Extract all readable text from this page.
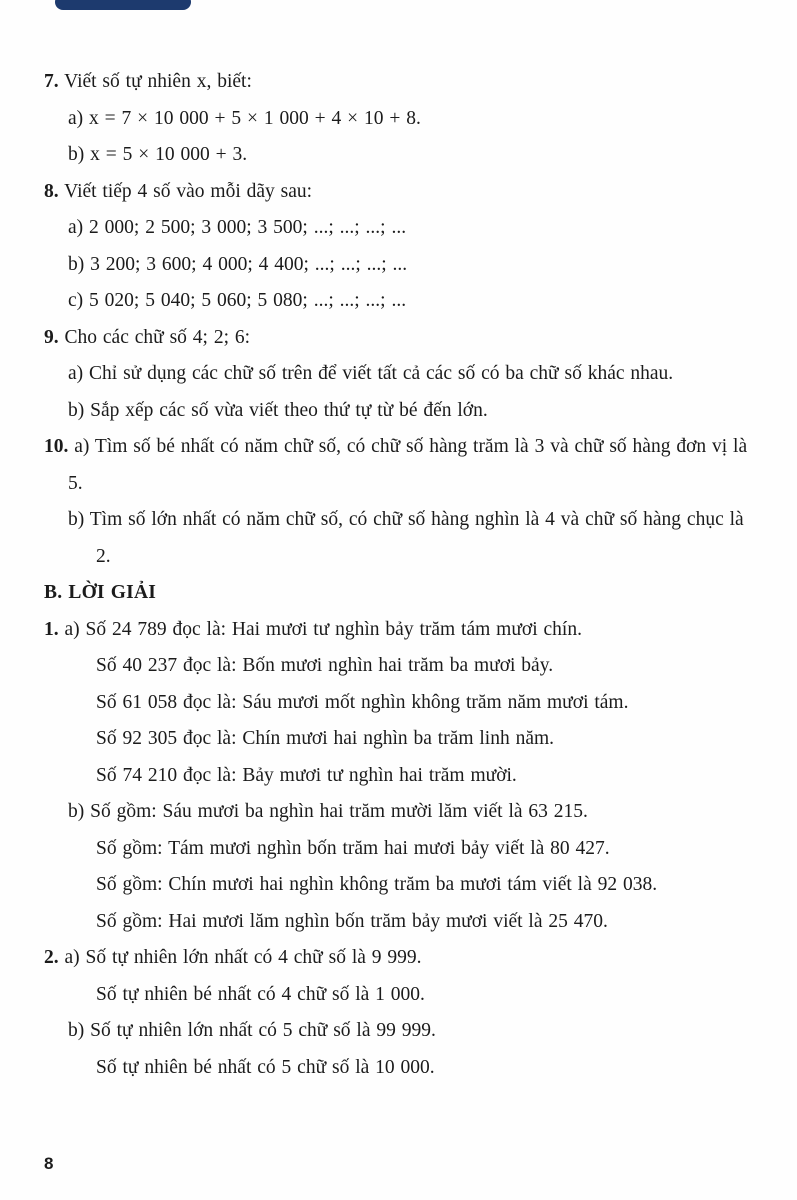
7. Viết số tự nhiên x, biết:

a) x = 7 × 10 000 + 5 × 1 000 + 4 × 10 + 8.

b) x = 5 × 10 000 + 3.

8. Viết tiếp 4 số vào mỗi dãy sau:

a) 2 000; 2 500; 3 000; 3 500; ...; ...; ...; ...

b) 3 200; 3 600; 4 000; 4 400; ...; ...; ...; ...

c) 5 020; 5 040; 5 060; 5 080; ...; ...; ...; ...

9. Cho các chữ số 4; 2; 6:

a) Chỉ sử dụng các chữ số trên để viết tất cả các số có ba chữ số khác nhau.

b) Sắp xếp các số vừa viết theo thứ tự từ bé đến lớn.

10. a) Tìm số bé nhất có năm chữ số, có chữ số hàng trăm là 3 và chữ số hàng đơn vị là 5.

b) Tìm số lớn nhất có năm chữ số, có chữ số hàng nghìn là 4 và chữ số hàng chục là 2.

B. LỜI GIẢI

1. a) Số 24 789 đọc là: Hai mươi tư nghìn bảy trăm tám mươi chín.

Số 40 237 đọc là: Bốn mươi nghìn hai trăm ba mươi bảy.

Số 61 058 đọc là: Sáu mươi mốt nghìn không trăm năm mươi tám.

Số 92 305 đọc là: Chín mươi hai nghìn ba trăm linh năm.

Số 74 210 đọc là: Bảy mươi tư nghìn hai trăm mười.

b) Số gồm: Sáu mươi ba nghìn hai trăm mười lăm viết là 63 215.

Số gồm: Tám mươi nghìn bốn trăm hai mươi bảy viết là 80 427.

Số gồm: Chín mươi hai nghìn không trăm ba mươi tám viết là 92 038.

Số gồm: Hai mươi lăm nghìn bốn trăm bảy mươi viết là 25 470.

2. a) Số tự nhiên lớn nhất có 4 chữ số là 9 999.

Số tự nhiên bé nhất có 4 chữ số là 1 000.

b) Số tự nhiên lớn nhất có 5 chữ số là 99 999.

Số tự nhiên bé nhất có 5 chữ số là 10 000.

8
